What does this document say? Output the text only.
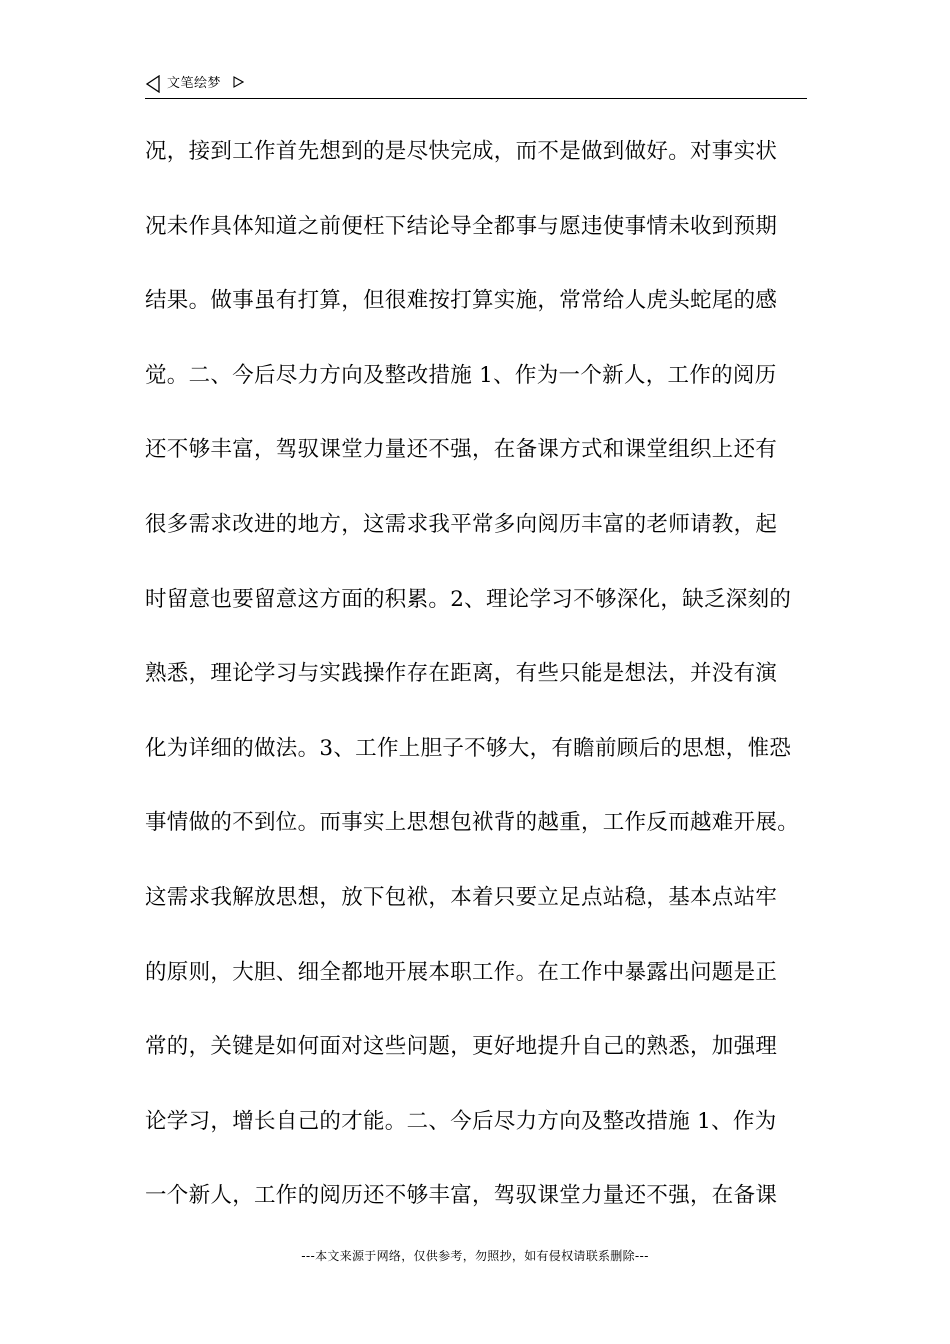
文笔绘梦
况，接到工作首先想到的是尽快完成，而不是做到做好。对事实状
况未作具体知道之前便枉下结论导全都事与愿违使事情未收到预期
结果。做事虽有打算，但很难按打算实施，常常给人虎头蛇尾的感
觉。二、今后尽力方向及整改措施 1、作为一个新人，工作的阅历
还不够丰富，驾驭课堂力量还不强，在备课方式和课堂组织上还有
很多需求改进的地方，这需求我平常多向阅历丰富的老师请教，起
时留意也要留意这方面的积累。2、理论学习不够深化，缺乏深刻的
熟悉，理论学习与实践操作存在距离，有些只能是想法，并没有演
化为详细的做法。3、工作上胆子不够大，有瞻前顾后的思想，惟恐
事情做的不到位。而事实上思想包袱背的越重，工作反而越难开展。
这需求我解放思想，放下包袱，本着只要立足点站稳，基本点站牢
的原则，大胆、细全都地开展本职工作。在工作中暴露出问题是正
常的，关键是如何面对这些问题，更好地提升自己的熟悉，加强理
论学习，增长自己的才能。二、今后尽力方向及整改措施 1、作为
一个新人，工作的阅历还不够丰富，驾驭课堂力量还不强，在备课
---本文来源于网络，仅供参考，勿照抄，如有侵权请联系删除---
